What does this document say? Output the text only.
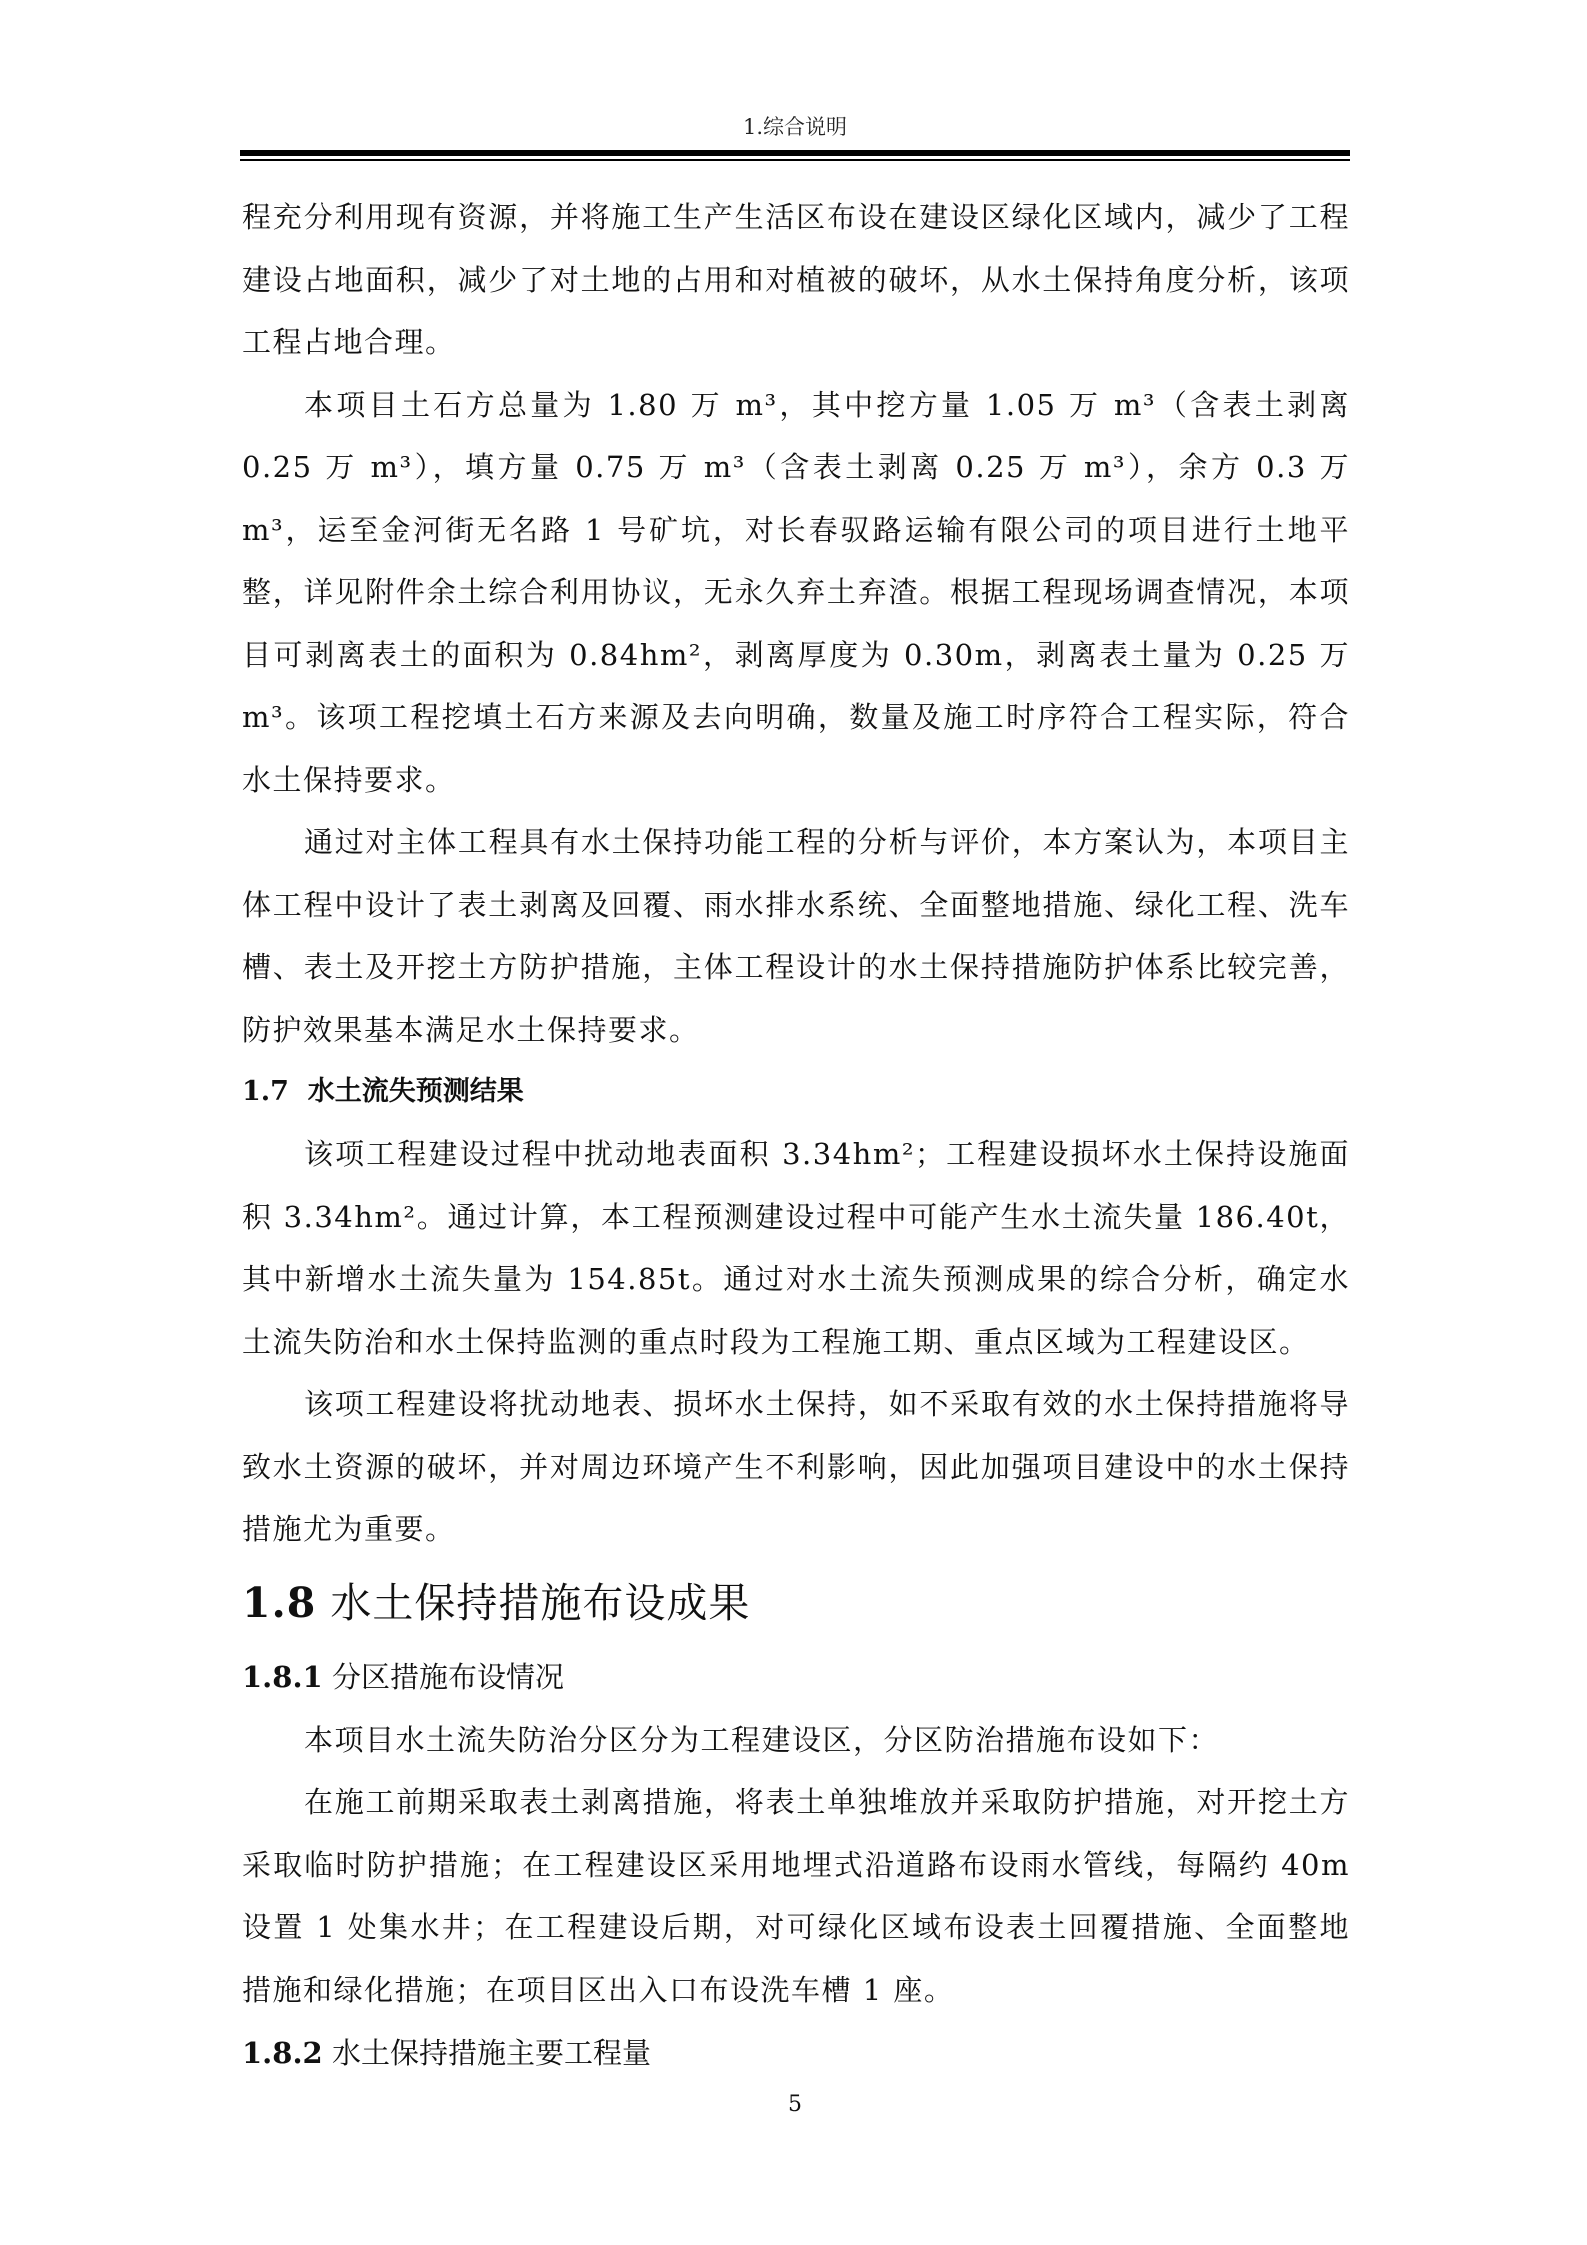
1.综合说明

程充分利用现有资源，并将施工生产生活区布设在建设区绿化区域内，减少了工程建设占地面积，减少了对土地的占用和对植被的破坏，从水土保持角度分析，该项工程占地合理。

本项目土石方总量为 1.80 万 m³，其中挖方量 1.05 万 m³（含表土剥离 0.25 万 m³），填方量 0.75 万 m³（含表土剥离 0.25 万 m³），余方 0.3 万 m³，运至金河街无名路 1 号矿坑，对长春驭路运输有限公司的项目进行土地平整，详见附件余土综合利用协议，无永久弃土弃渣。根据工程现场调查情况，本项目可剥离表土的面积为 0.84hm²，剥离厚度为 0.30m，剥离表土量为 0.25 万 m³。该项工程挖填土石方来源及去向明确，数量及施工时序符合工程实际，符合水土保持要求。

通过对主体工程具有水土保持功能工程的分析与评价，本方案认为，本项目主体工程中设计了表土剥离及回覆、雨水排水系统、全面整地措施、绿化工程、洗车槽、表土及开挖土方防护措施，主体工程设计的水土保持措施防护体系比较完善，防护效果基本满足水土保持要求。

1.7 水土流失预测结果

该项工程建设过程中扰动地表面积 3.34hm²；工程建设损坏水土保持设施面积 3.34hm²。通过计算，本工程预测建设过程中可能产生水土流失量 186.40t，其中新增水土流失量为 154.85t。通过对水土流失预测成果的综合分析，确定水土流失防治和水土保持监测的重点时段为工程施工期、重点区域为工程建设区。

该项工程建设将扰动地表、损坏水土保持，如不采取有效的水土保持措施将导致水土资源的破坏，并对周边环境产生不利影响，因此加强项目建设中的水土保持措施尤为重要。

1.8 水土保持措施布设成果
1.8.1 分区措施布设情况

本项目水土流失防治分区分为工程建设区，分区防治措施布设如下：

在施工前期采取表土剥离措施，将表土单独堆放并采取防护措施，对开挖土方采取临时防护措施；在工程建设区采用地埋式沿道路布设雨水管线，每隔约 40m 设置 1 处集水井；在工程建设后期，对可绿化区域布设表土回覆措施、全面整地措施和绿化措施；在项目区出入口布设洗车槽 1 座。

1.8.2 水土保持措施主要工程量
5
